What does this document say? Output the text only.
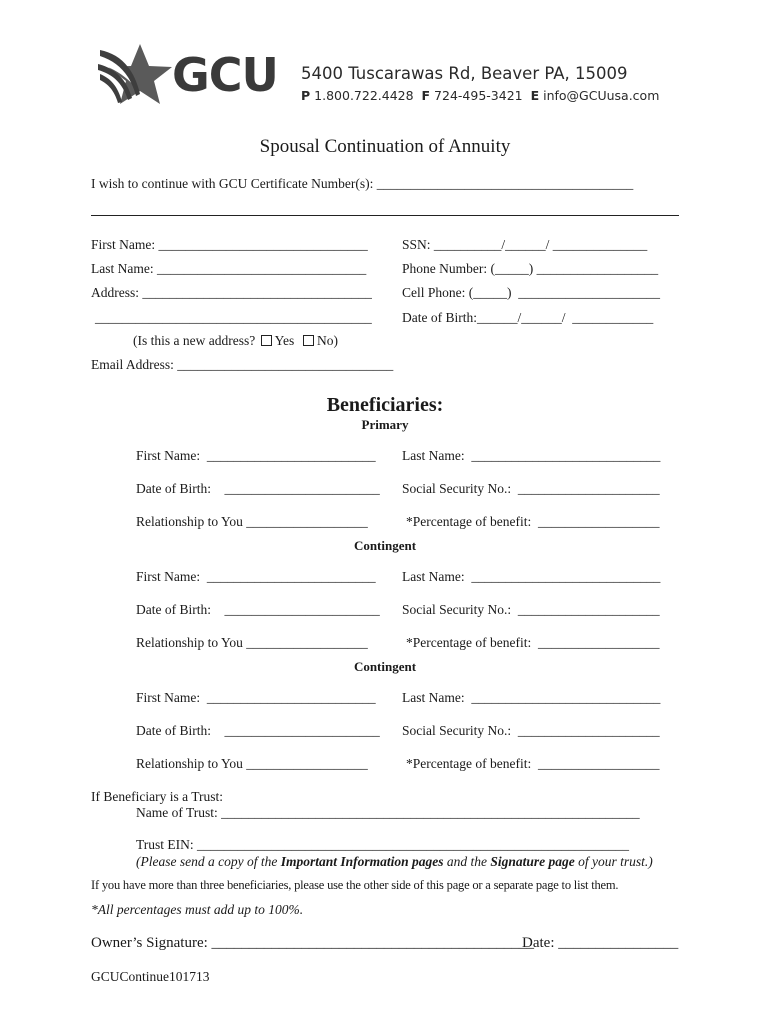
GCU 5400 Tuscarawas Rd, Beaver PA, 15009
P 1.800.722.4428 F 724-495-3421 E info@GCUusa.com
Spousal Continuation of Annuity
I wish to continue with GCU Certificate Number(s): ______________________________________
First Name: _______________________________	SSN: __________/______/ ______________
Last Name: _______________________________	Phone Number: (_____) __________________
Address: __________________________________ Cell Phone: (_____)  _____________________
_________________________________________ Date of Birth:______/______/  ____________
(Is this a new address? Yes No)
Email Address: ________________________________
Beneficiaries:
Primary
First Name:  _________________________ Last Name:  ____________________________
Date of Birth:    _______________________ Social Security No.:  _____________________
Relationship to You __________________	*Percentage of benefit:  __________________
Contingent
First Name:  _________________________ Last Name:  ____________________________
Date of Birth:    _______________________ Social Security No.:  _____________________
Relationship to You __________________	*Percentage of benefit:  __________________
Contingent
First Name:  _________________________ Last Name:  ____________________________
Date of Birth:    _______________________ Social Security No.:  _____________________
Relationship to You __________________	*Percentage of benefit:  __________________
If Beneficiary is a Trust:
Name of Trust: ______________________________________________________________
Trust EIN: ________________________________________________________________
(Please send a copy of the Important Information pages and the Signature page of your trust.)
If you have more than three beneficiaries, please use the other side of this page or a separate page to list them.
*All percentages must add up to 100%.
Owner’s Signature: ___________________________________________
Date: ________________
GCUContinue101713
